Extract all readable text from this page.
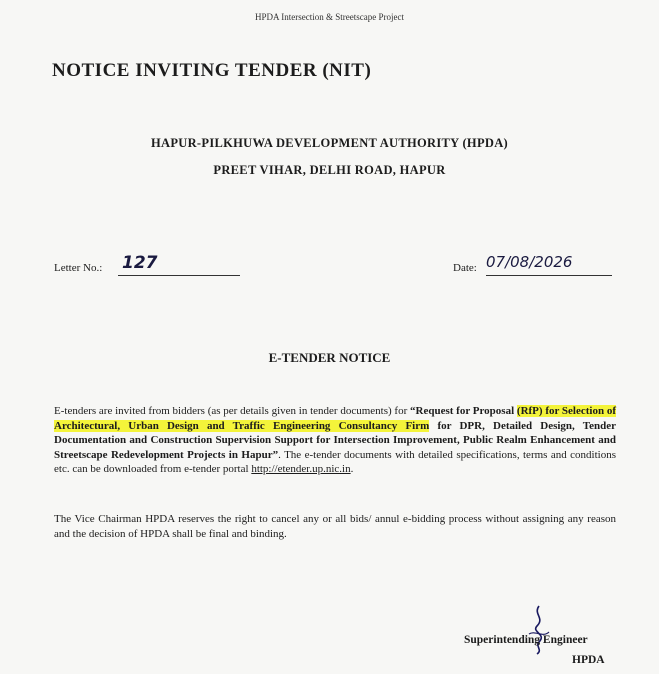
HPDA Intersection & Streetscape Project
NOTICE INVITING TENDER (NIT)
HAPUR-PILKHUWA DEVELOPMENT AUTHORITY (HPDA)
PREET VIHAR, DELHI ROAD, HAPUR
Letter No.: 127	Date: 07/08/2026
E-TENDER NOTICE
E-tenders are invited from bidders (as per details given in tender documents) for “Request for Proposal (RfP) for Selection of Architectural, Urban Design and Traffic Engineering Consultancy Firm for DPR, Detailed Design, Tender Documentation and Construction Supervision Support for Intersection Improvement, Public Realm Enhancement and Streetscape Redevelopment Projects in Hapur”. The e-tender documents with detailed specifications, terms and conditions etc. can be downloaded from e-tender portal http://etender.up.nic.in.
The Vice Chairman HPDA reserves the right to cancel any or all bids/ annul e-bidding process without assigning any reason and the decision of HPDA shall be final and binding.
Superintending Engineer
HPDA
